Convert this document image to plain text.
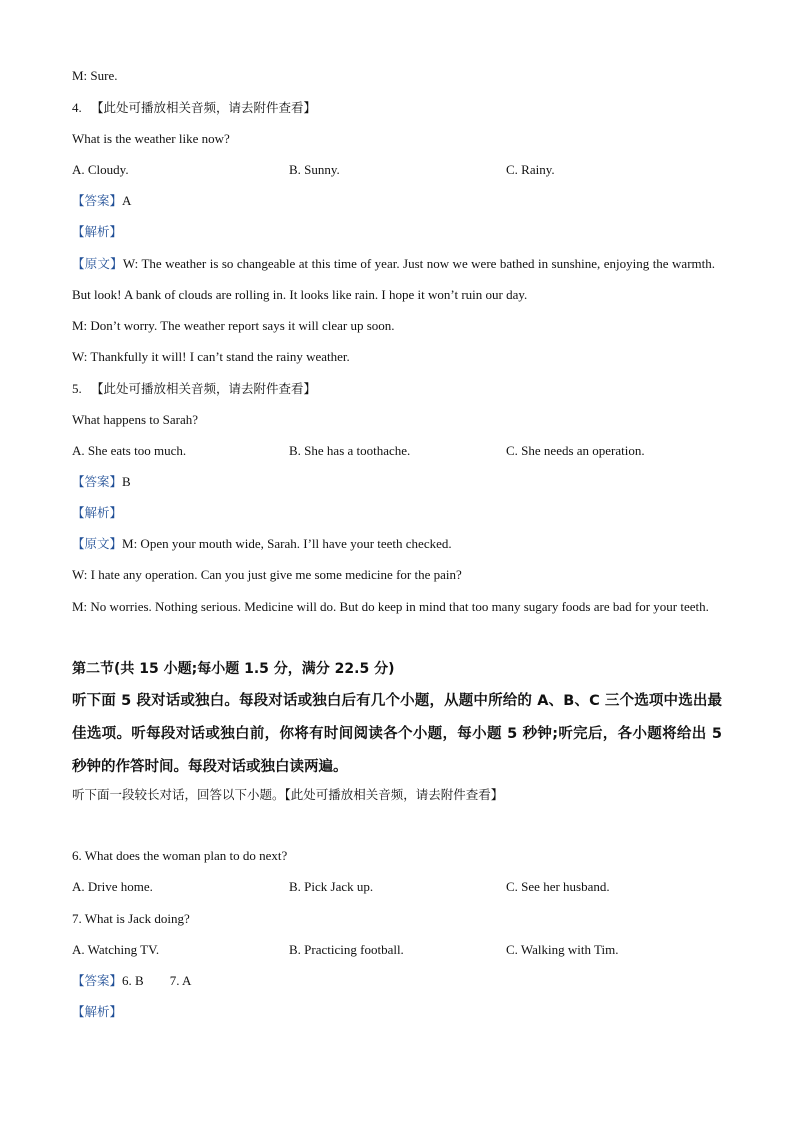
M: Sure.
4. 【此处可播放相关音频，请去附件查看】
What is the weather like now?
A. Cloudy.	B. Sunny.	C. Rainy.
【答案】A
【解析】
【原文】W: The weather is so changeable at this time of year. Just now we were bathed in sunshine, enjoying the warmth. But look! A bank of clouds are rolling in. It looks like rain. I hope it won’t ruin our day.
M: Don’t worry. The weather report says it will clear up soon.
W: Thankfully it will! I can’t stand the rainy weather.
5. 【此处可播放相关音频，请去附件查看】
What happens to Sarah?
A. She eats too much.	B. She has a toothache.	C. She needs an operation.
【答案】B
【解析】
【原文】M: Open your mouth wide, Sarah. I’ll have your teeth checked.
W: I hate any operation. Can you just give me some medicine for the pain?
M: No worries. Nothing serious. Medicine will do. But do keep in mind that too many sugary foods are bad for your teeth.
第二节(共 15 小题;每小题 1.5 分，满分 22.5 分)
听下面 5 段对话或独白。每段对话或独白后有几个小题，从题中所给的 A、B、C 三个选项中选出最佳选项。听每段对话或独白前，你将有时间阅读各个小题，每小题 5 秒钟;听完后，各小题将给出 5 秒钟的作答时间。每段对话或独白读两遍。
听下面一段较长对话，回答以下小题。【此处可播放相关音频，请去附件查看】
6. What does the woman plan to do next?
A. Drive home.	B. Pick Jack up.	C. See her husband.
7. What is Jack doing?
A. Watching TV.	B. Practicing football.	C. Walking with Tim.
【答案】6. B 7. A
【解析】
